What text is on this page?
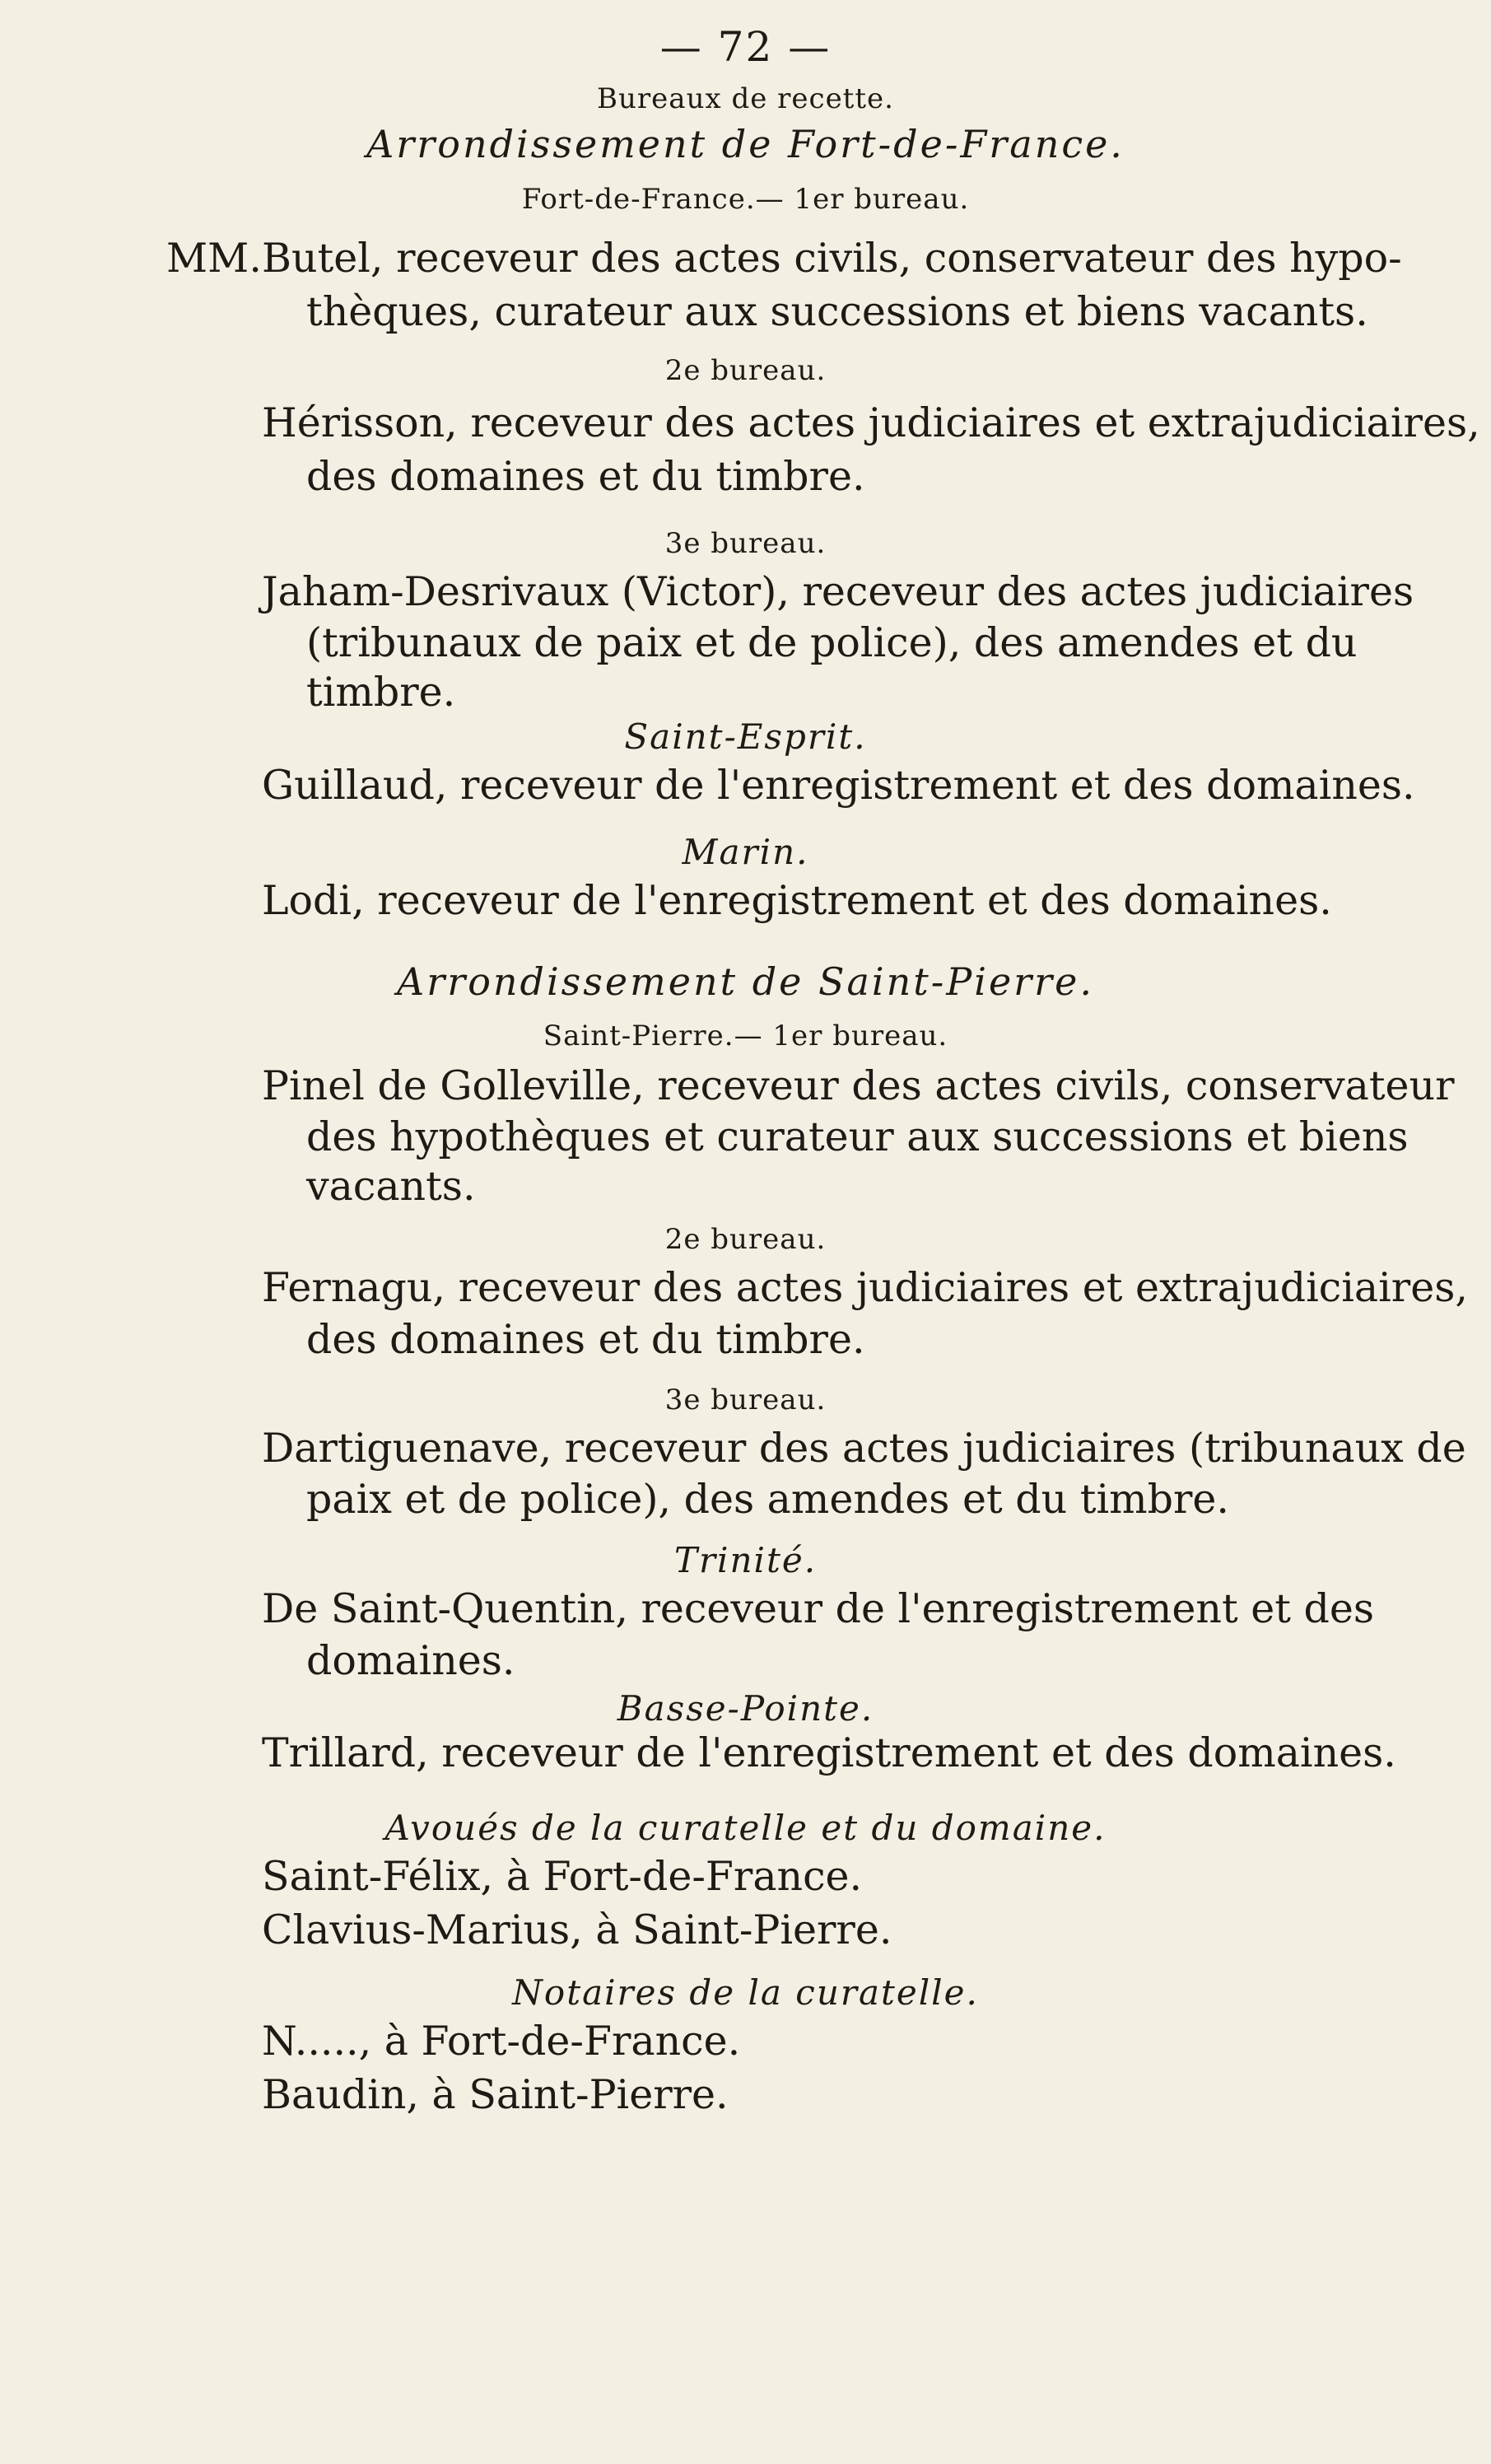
— 72 —
Bureaux de recette.
Arrondissement de Fort-de-France.
Fort-de-France.— 1er bureau.
MM.Butel, receveur des actes civils, conservateur des hypo-
thèques, curateur aux successions et biens vacants.
2e bureau.
Hérisson, receveur des actes judiciaires et extrajudiciaires,
des domaines et du timbre.
3e bureau.
Jaham-Desrivaux (Victor), receveur des actes judiciaires
(tribunaux de paix et de police), des amendes et du
timbre.
Saint-Esprit.
Guillaud, receveur de l'enregistrement et des domaines.
Marin.
Lodi, receveur de l'enregistrement et des domaines.
Arrondissement de Saint-Pierre.
Saint-Pierre.— 1er bureau.
Pinel de Golleville, receveur des actes civils, conservateur
des hypothèques et curateur aux successions et biens
vacants.
2e bureau.
Fernagu, receveur des actes judiciaires et extrajudiciaires,
des domaines et du timbre.
3e bureau.
Dartiguenave, receveur des actes judiciaires (tribunaux de
paix et de police), des amendes et du timbre.
Trinité.
De Saint-Quentin, receveur de l'enregistrement et des
domaines.
Basse-Pointe.
Trillard, receveur de l'enregistrement et des domaines.
Avoués de la curatelle et du domaine.
Saint-Félix, à Fort-de-France.
Clavius-Marius, à Saint-Pierre.
Notaires de la curatelle.
N....., à Fort-de-France.
Baudin, à Saint-Pierre.
